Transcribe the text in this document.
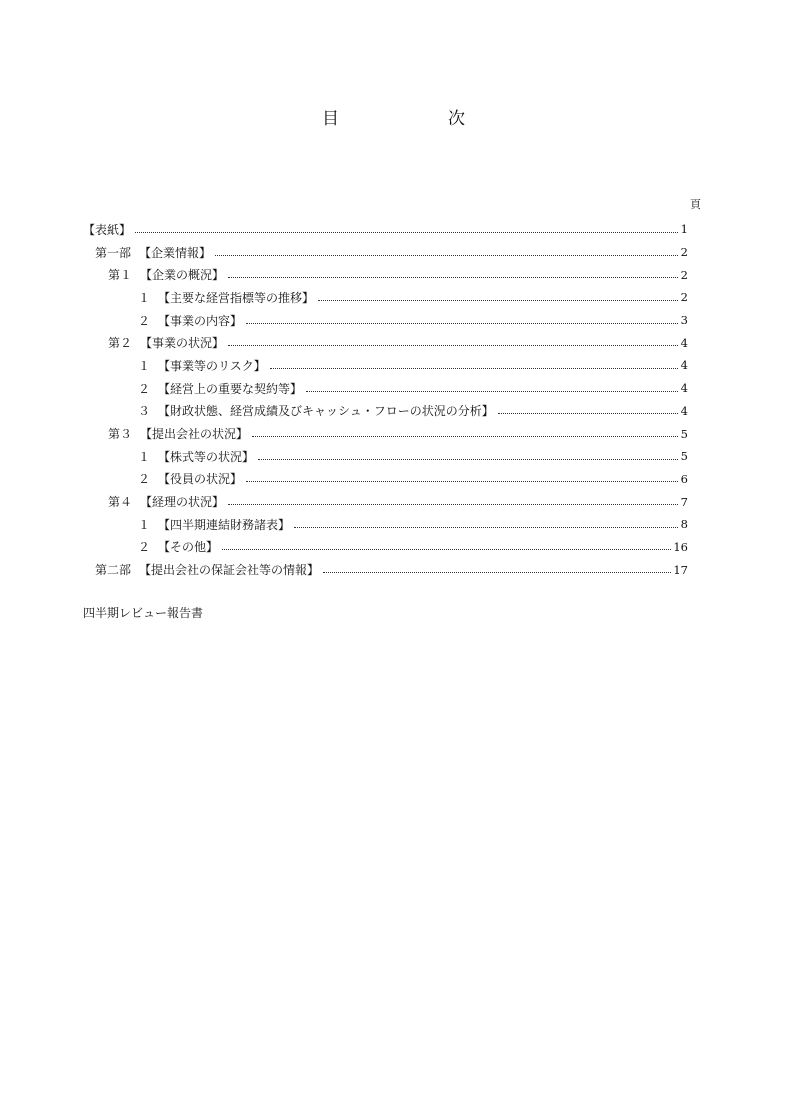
目	次
頁
【表紙】	1
第一部 【企業情報】	2
第１ 【企業の概況】	2
１ 【主要な経営指標等の推移】	2
２ 【事業の内容】	3
第２ 【事業の状況】	4
１ 【事業等のリスク】	4
２ 【経営上の重要な契約等】	4
３ 【財政状態、経営成績及びキャッシュ・フローの状況の分析】	4
第３ 【提出会社の状況】	5
１ 【株式等の状況】	5
２ 【役員の状況】	6
第４ 【経理の状況】	7
１ 【四半期連結財務諸表】	8
２ 【その他】	16
第二部 【提出会社の保証会社等の情報】	17
四半期レビュー報告書
